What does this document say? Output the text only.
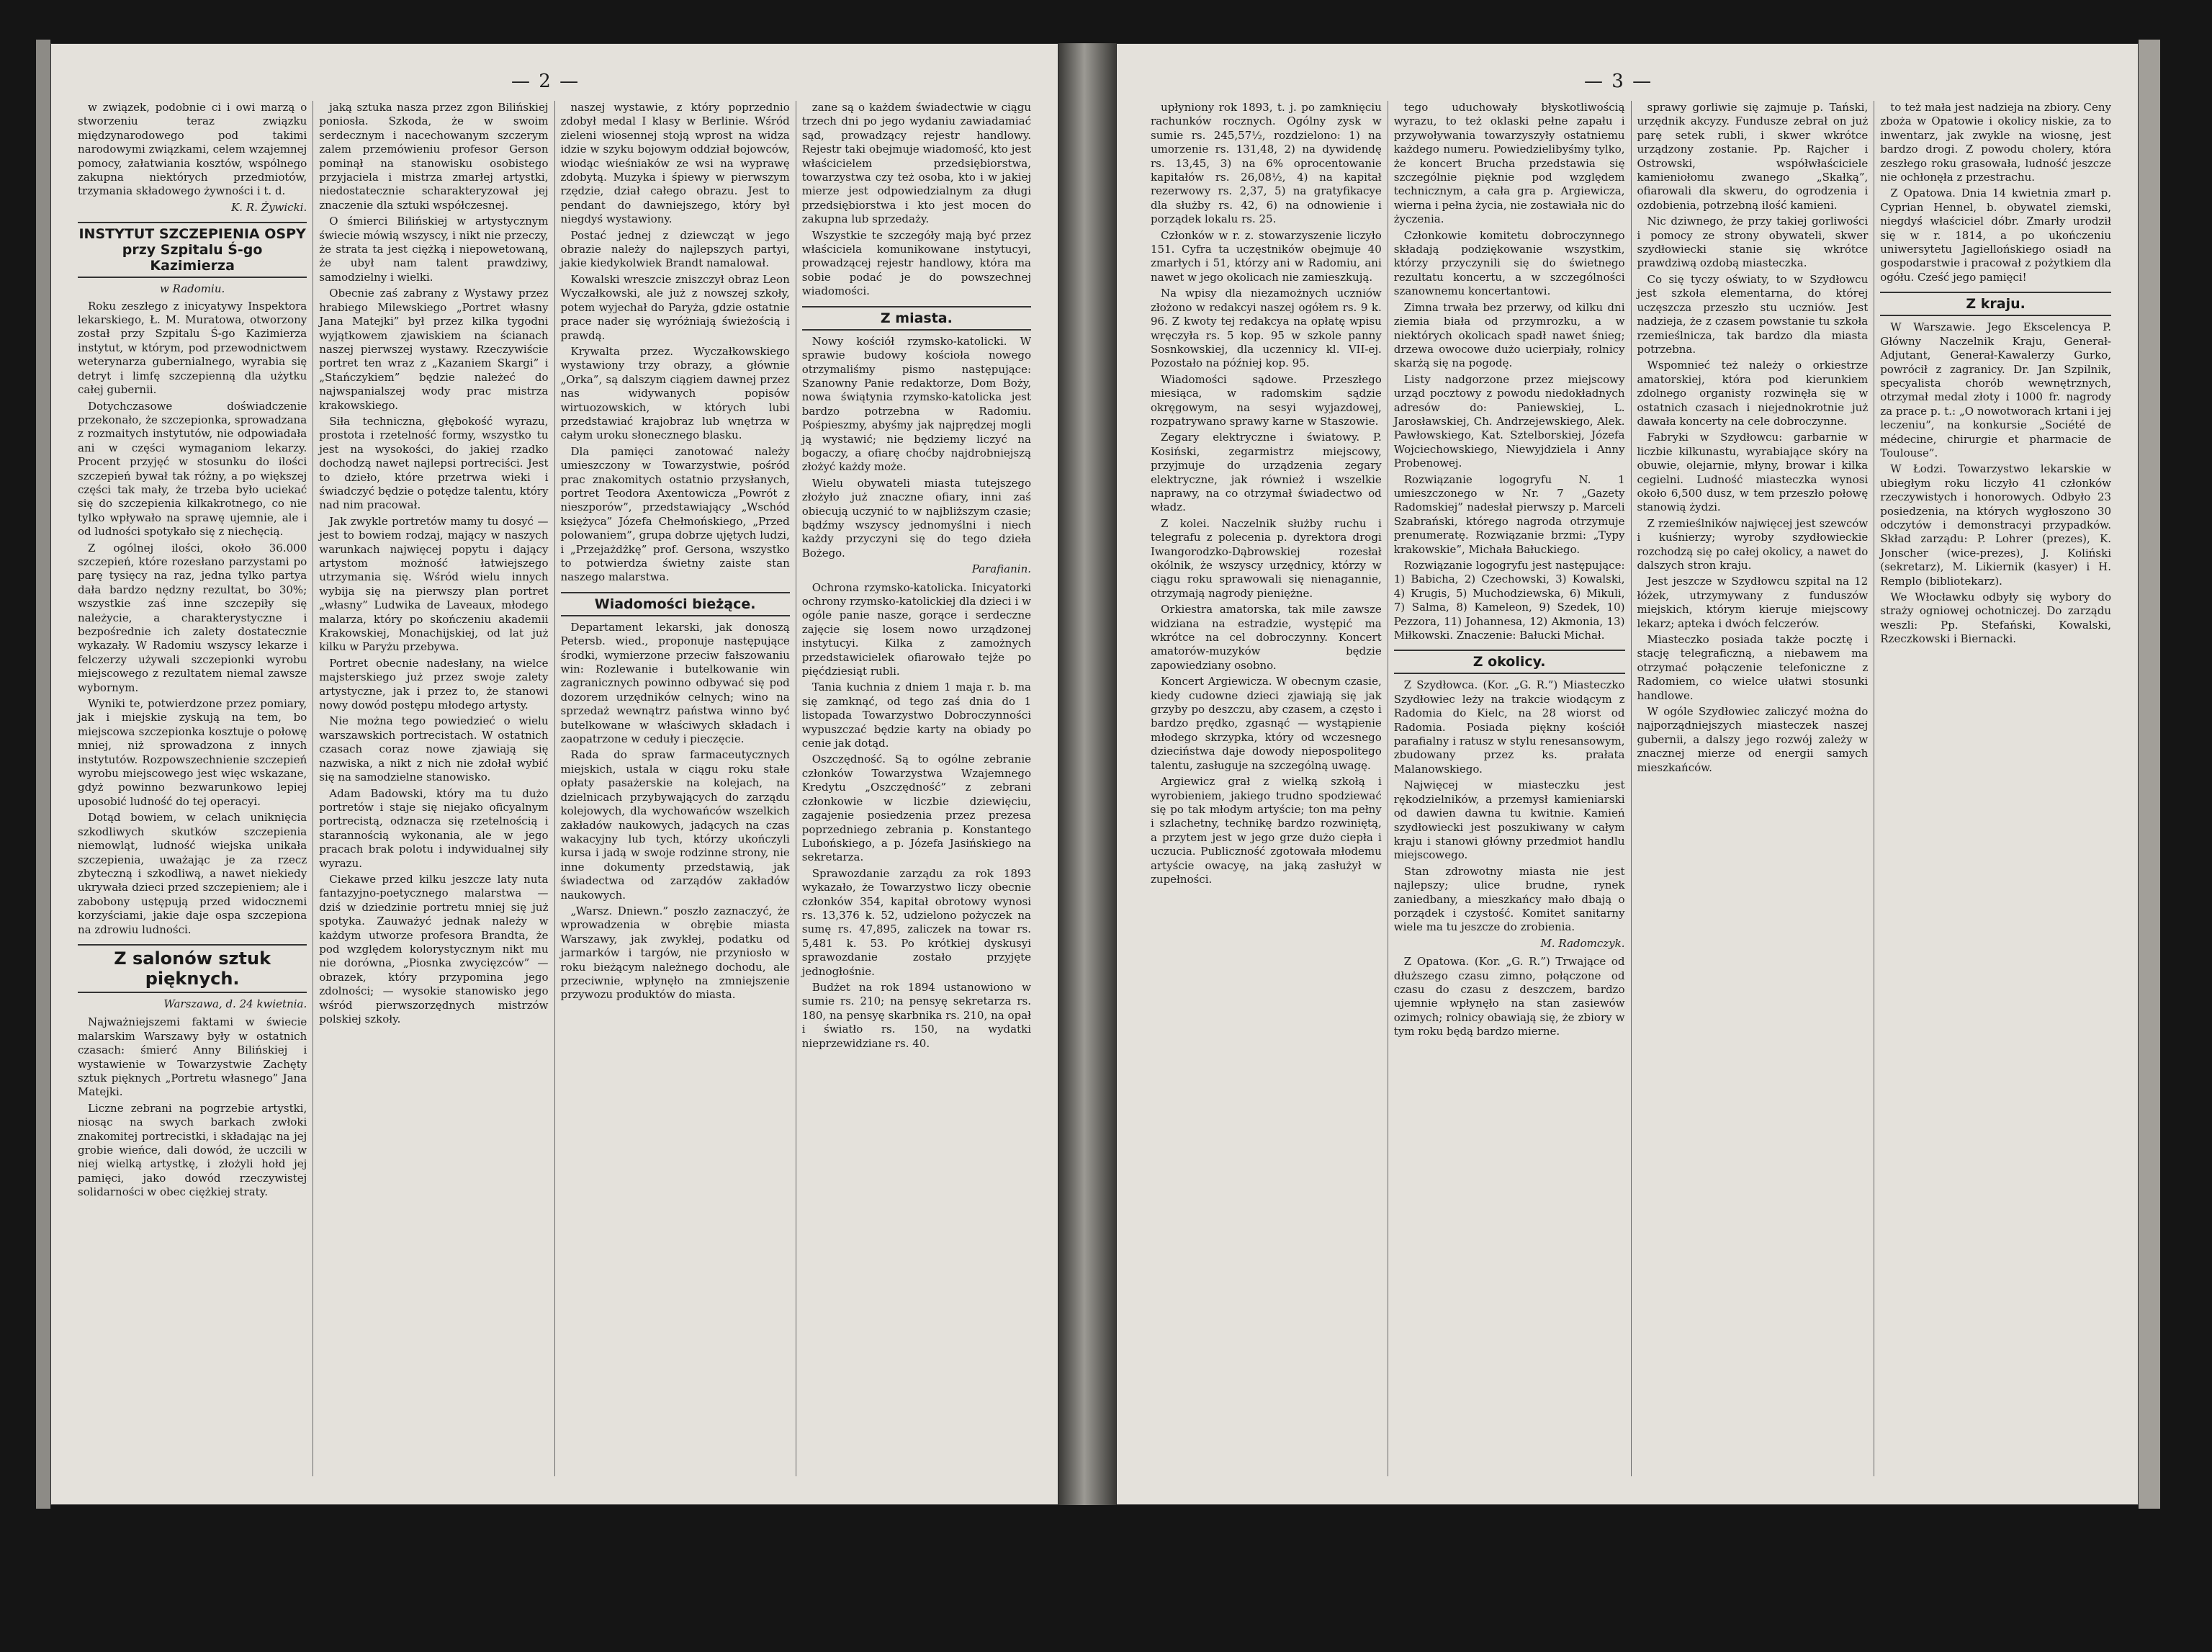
— 2 —

w związek, podobnie ci i owi marzą o stworzeniu teraz związku międzynarodowego pod takimi narodowymi związkami, celem wzajemnej pomocy, załatwiania kosztów, wspólnego zakupna niektórych przedmiotów, trzymania składowego żywności i t. d.

K. R. Żywicki.
INSTYTUT SZCZEPIENIA OSPY przy Szpitalu Ś-go Kazimierza
w Radomiu.

Roku zeszłego z inicyatywy Inspektora lekarskiego, Ł. M. Muratowa, otworzony został przy Szpitalu Ś-go Kazimierza instytut, w którym, pod przewodnictwem weterynarza gubernialnego, wyrabia się detryt i limfę szczepienną dla użytku całej gubernii.

Dotychczasowe doświadczenie przekonało, że szczepionka, sprowadzana z rozmaitych instytutów, nie odpowiadała ani w części wymaganiom lekarzy. Procent przyjęć w stosunku do ilości szczepień bywał tak różny, a po większej części tak mały, że trzeba było uciekać się do szczepienia kilkakrotnego, co nie tylko wpływało na sprawę ujemnie, ale i od ludności spotykało się z niechęcią.

Z ogólnej ilości, około 36.000 szczepień, które rozesłano parzystami po parę tysięcy na raz, jedna tylko partya dała bardzo nędzny rezultat, bo 30%; wszystkie zaś inne szczepiły się należycie, a charakterystyczne i bezpośrednie ich zalety dostatecznie wykazały. W Radomiu wszyscy lekarze i felczerzy używali szczepionki wyrobu miejscowego z rezultatem niemal zawsze wybornym.

Wyniki te, potwierdzone przez pomiary, jak i miejskie zyskują na tem, bo miejscowa szczepionka kosztuje o połowę mniej, niż sprowadzona z innych instytutów. Rozpowszechnienie szczepień wyrobu miejscowego jest więc wskazane, gdyż powinno bezwarunkowo lepiej uposobić ludność do tej operacyi.

Dotąd bowiem, w celach uniknięcia szkodliwych skutków szczepienia niemowląt, ludność wiejska unikała szczepienia, uważając je za rzecz zbyteczną i szkodliwą, a nawet niekiedy ukrywała dzieci przed szczepieniem; ale i zabobony ustępują przed widocznemi korzyściami, jakie daje ospa szczepiona na zdrowiu ludności.

Z salonów sztuk pięknych.
Warszawa, d. 24 kwietnia.

Najważniejszemi faktami w świecie malarskim Warszawy były w ostatnich czasach: śmierć Anny Bilińskiej i wystawienie w Towarzystwie Zachęty sztuk pięknych „Portretu własnego” Jana Matejki.

Liczne zebrani na pogrzebie artystki, niosąc na swych barkach zwłoki znakomitej portrecistki, i składając na jej grobie wieńce, dali dowód, że uczcili w niej wielką artystkę, i złożyli hołd jej pamięci, jako dowód rzeczywistej solidarności w obec ciężkiej straty.

jaką sztuka nasza przez zgon Bilińskiej poniosła. Szkoda, że w swoim serdecznym i nacechowanym szczerym zalem przemówieniu profesor Gerson pominął na stanowisku osobistego przyjaciela i mistrza zmarłej artystki, niedostatecznie scharakteryzował jej znaczenie dla sztuki współczesnej.

O śmierci Bilińskiej w artystycznym świecie mówią wszyscy, i nikt nie przeczy, że strata ta jest ciężką i niepowetowaną, że ubył nam talent prawdziwy, samodzielny i wielki.

Obecnie zaś zabrany z Wystawy przez hrabiego Milewskiego „Portret własny Jana Matejki” był przez kilka tygodni wyjątkowem zjawiskiem na ścianach naszej pierwszej wystawy. Rzeczywiście portret ten wraz z „Kazaniem Skargi” i „Stańczykiem” będzie należeć do najwspanialszej wody prac mistrza krakowskiego.

Siła techniczna, głębokość wyrazu, prostota i rzetelność formy, wszystko tu jest na wysokości, do jakiej rzadko dochodzą nawet najlepsi portreciści. Jest to dzieło, które przetrwa wieki i świadczyć będzie o potędze talentu, który nad nim pracował.

Jak zwykle portretów mamy tu dosyć — jest to bowiem rodzaj, mający w naszych warunkach najwięcej popytu i dający artystom możność łatwiejszego utrzymania się. Wśród wielu innych wybija się na pierwszy plan portret „własny” Ludwika de Laveaux, młodego malarza, który po skończeniu akademii Krakowskiej, Monachijskiej, od lat już kilku w Paryżu przebywa.

Portret obecnie nadesłany, na wielce majsterskiego już przez swoje zalety artystyczne, jak i przez to, że stanowi nowy dowód postępu młodego artysty.

Nie można tego powiedzieć o wielu warszawskich portrecistach. W ostatnich czasach coraz nowe zjawiają się nazwiska, a nikt z nich nie zdołał wybić się na samodzielne stanowisko.

Adam Badowski, który ma tu dużo portretów i staje się niejako oficyalnym portrecistą, odznacza się rzetelnością i starannością wykonania, ale w jego pracach brak polotu i indywidualnej siły wyrazu.

Ciekawe przed kilku jeszcze laty nuta fantazyjno-poetycznego malarstwa — dziś w dziedzinie portretu mniej się już spotyka. Zauważyć jednak należy w każdym utworze profesora Brandta, że pod względem kolorystycznym nikt mu nie dorówna, „Piosnka zwycięzców” — obrazek, który przypomina jego zdolności; — wysokie stanowisko jego wśród pierwszorzędnych mistrzów polskiej szkoły.

naszej wystawie, z który poprzednio zdobył medal I klasy w Berlinie. Wśród zieleni wiosennej stoją wprost na widza idzie w szyku bojowym oddział bojowców, wiodąc wieśniaków ze wsi na wyprawę zdobytą. Muzyka i śpiewy w pierwszym rzędzie, dział całego obrazu. Jest to pendant do dawniejszego, który był niegdyś wystawiony.

Postać jednej z dziewcząt w jego obrazie należy do najlepszych partyi, jakie kiedykolwiek Brandt namalował.

Kowalski wreszcie zniszczył obraz Leon Wyczałkowski, ale już z nowszej szkoły, potem wyjechał do Paryża, gdzie ostatnie prace nader się wyróżniają świeżością i prawdą.

Krywalta przez. Wyczałkowskiego wystawiony trzy obrazy, a głównie „Orka”, są dalszym ciągiem dawnej przez nas widywanych popisów wirtuozowskich, w których lubi przedstawiać krajobraz lub wnętrza w całym uroku słonecznego blasku.

Dla pamięci zanotować należy umieszczony w Towarzystwie, pośród prac znakomitych ostatnio przysłanych, portret Teodora Axentowicza „Powrót z nieszporów”, przedstawiający „Wschód księżyca” Józefa Chełmońskiego, „Przed polowaniem”, grupa dobrze ujętych ludzi, i „Przejażdżkę” prof. Gersona, wszystko to potwierdza świetny zaiste stan naszego malarstwa.

Wiadomości bieżące.

Departament lekarski, jak donoszą Petersb. wied., proponuje następujące środki, wymierzone przeciw fałszowaniu win: Rozlewanie i butelkowanie win zagranicznych powinno odbywać się pod dozorem urzędników celnych; wino na sprzedaż wewnątrz państwa winno być butelkowane w właściwych składach i zaopatrzone w ceduły i pieczęcie.

Rada do spraw farmaceutycznych miejskich, ustala w ciągu roku stałe opłaty pasażerskie na kolejach, na dzielnicach przybywających do zarządu kolejowych, dla wychowańców wszelkich zakładów naukowych, jadących na czas wakacyjny lub tych, którzy ukończyli kursa i jadą w swoje rodzinne strony, nie inne dokumenty przedstawią, jak świadectwa od zarządów zakładów naukowych.

„Warsz. Dniewn.” poszło zaznaczyć, że wprowadzenia w obrębie miasta Warszawy, jak zwykłej, podatku od jarmarków i targów, nie przyniosło w roku bieżącym należnego dochodu, ale przeciwnie, wpłynęło na zmniejszenie przywozu produktów do miasta.

zane są o każdem świadectwie w ciągu trzech dni po jego wydaniu zawiadamiać sąd, prowadzący rejestr handlowy. Rejestr taki obejmuje wiadomość, kto jest właścicielem przedsiębiorstwa, towarzystwa czy też osoba, kto i w jakiej mierze jest odpowiedzialnym za długi przedsiębiorstwa i kto jest mocen do zakupna lub sprzedaży.

Wszystkie te szczegóły mają być przez właściciela komunikowane instytucyi, prowadzącej rejestr handlowy, która ma sobie podać je do powszechnej wiadomości.

Z miasta.

Nowy kościół rzymsko-katolicki. W sprawie budowy kościoła nowego otrzymaliśmy pismo następujące: Szanowny Panie redaktorze, Dom Boży, nowa świątynia rzymsko-katolicka jest bardzo potrzebna w Radomiu. Pośpieszmy, abyśmy jak najprędzej mogli ją wystawić; nie będziemy liczyć na bogaczy, a ofiarę choćby najdrobniejszą złożyć każdy może.

Wielu obywateli miasta tutejszego złożyło już znaczne ofiary, inni zaś obiecują uczynić to w najbliższym czasie; bądźmy wszyscy jednomyślni i niech każdy przyczyni się do tego dzieła Bożego.

Parafianin.

Ochrona rzymsko-katolicka. Inicyatorki ochrony rzymsko-katolickiej dla dzieci i w ogóle panie nasze, gorące i serdeczne zajęcie się losem nowo urządzonej instytucyi. Kilka z zamożnych przedstawicielek ofiarowało tejże po pięćdziesiąt rubli.

Tania kuchnia z dniem 1 maja r. b. ma się zamknąć, od tego zaś dnia do 1 listopada Towarzystwo Dobroczynności wypuszczać będzie karty na obiady po cenie jak dotąd.

Oszczędność. Są to ogólne zebranie członków Towarzystwa Wzajemnego Kredytu „Oszczędność” z zebrani członkowie w liczbie dziewięciu, zagajenie posiedzenia przez prezesa poprzedniego zebrania p. Konstantego Lubońskiego, a p. Józefa Jasińskiego na sekretarza.

Sprawozdanie zarządu za rok 1893 wykazało, że Towarzystwo liczy obecnie członków 354, kapitał obrotowy wynosi rs. 13,376 k. 52, udzielono pożyczek na sumę rs. 47,895, zaliczek na towar rs. 5,481 k. 53. Po krótkiej dyskusyi sprawozdanie zostało przyjęte jednogłośnie.

Budżet na rok 1894 ustanowiono w sumie rs. 210; na pensyę sekretarza rs. 180, na pensyę skarbnika rs. 210, na opał i światło rs. 150, na wydatki nieprzewidziane rs. 40.

— 3 —

upłyniony rok 1893, t. j. po zamknięciu rachunków rocznych. Ogólny zysk w sumie rs. 245,57½, rozdzielono: 1) na umorzenie rs. 131,48, 2) na dywidendę rs. 13,45, 3) na 6% oprocentowanie kapitałów rs. 26,08½, 4) na kapitał rezerwowy rs. 2,37, 5) na gratyfikacye dla służby rs. 42, 6) na odnowienie i porządek lokalu rs. 25.

Członków w r. z. stowarzyszenie liczyło 151. Cyfra ta uczęstników obejmuje 40 zmarłych i 51, którzy ani w Radomiu, ani nawet w jego okolicach nie zamieszkują.

Na wpisy dla niezamożnych uczniów złożono w redakcyi naszej ogółem rs. 9 k. 96. Z kwoty tej redakcya na opłatę wpisu wręczyła rs. 5 kop. 95 w szkole panny Sosnkowskiej, dla uczennicy kl. VII-ej. Pozostało na później kop. 95.

Wiadomości sądowe. Przeszłego miesiąca, w radomskim sądzie okręgowym, na sesyi wyjazdowej, rozpatrywano sprawy karne w Staszowie.

Zegary elektryczne i światowy. P. Kosiński, zegarmistrz miejscowy, przyjmuje do urządzenia zegary elektryczne, jak również i wszelkie naprawy, na co otrzymał świadectwo od władz.

Z kolei. Naczelnik służby ruchu i telegrafu z polecenia p. dyrektora drogi Iwangorodzko-Dąbrowskiej rozesłał okólnik, że wszyscy urzędnicy, którzy w ciągu roku sprawowali się nienagannie, otrzymają nagrody pieniężne.

Orkiestra amatorska, tak mile zawsze widziana na estradzie, występić ma wkrótce na cel dobroczynny. Koncert amatorów-muzyków będzie zapowiedziany osobno.

Koncert Argiewicza. W obecnym czasie, kiedy cudowne dzieci zjawiają się jak grzyby po deszczu, aby czasem, a często i bardzo prędko, zgasnąć — wystąpienie młodego skrzypka, który od wczesnego dzieciństwa daje dowody niepospolitego talentu, zasługuje na szczególną uwagę.

Argiewicz grał z wielką szkołą i wyrobieniem, jakiego trudno spodziewać się po tak młodym artyście; ton ma pełny i szlachetny, technikę bardzo rozwiniętą, a przytem jest w jego grze dużo ciepła i uczucia. Publiczność zgotowała młodemu artyście owacyę, na jaką zasłużył w zupełności.

tego uduchowały błyskotliwością wyrazu, to też oklaski pełne zapału i przywoływania towarzyszyły ostatniemu każdego numeru. Powiedzielibyśmy tylko, że koncert Brucha przedstawia się szczególnie pięknie pod względem technicznym, a cała gra p. Argiewicza, wierna i pełna życia, nie zostawiała nic do życzenia.

Członkowie komitetu dobroczynnego składają podziękowanie wszystkim, którzy przyczynili się do świetnego rezultatu koncertu, a w szczególności szanownemu koncertantowi.

Zimna trwała bez przerwy, od kilku dni ziemia biała od przymrozku, a w niektórych okolicach spadł nawet śnieg; drzewa owocowe dużo ucierpiały, rolnicy skarżą się na pogodę.

Listy nadgorzone przez miejscowy urząd pocztowy z powodu niedokładnych adresów do: Paniewskiej, L. Jarosławskiej, Ch. Andrzejewskiego, Alek. Pawłowskiego, Kat. Sztelborskiej, Józefa Wojciechowskiego, Niewyjdziela i Anny Probenowej.

Rozwiązanie logogryfu N. 1 umieszczonego w Nr. 7 „Gazety Radomskiej” nadesłał pierwszy p. Marceli Szabrański, którego nagroda otrzymuje prenumeratę. Rozwiązanie brzmi: „Typy krakowskie”, Michała Bałuckiego.

Rozwiązanie logogryfu jest następujące: 1) Babicha, 2) Czechowski, 3) Kowalski, 4) Krugis, 5) Muchodziewska, 6) Mikuli, 7) Salma, 8) Kameleon, 9) Szedek, 10) Pezzora, 11) Johannesa, 12) Akmonia, 13) Miłkowski. Znaczenie: Bałucki Michał.

Z okolicy.

Z Szydłowca. (Kor. „G. R.”) Miasteczko Szydłowiec leży na trakcie wiodącym z Radomia do Kielc, na 28 wiorst od Radomia. Posiada piękny kościół parafialny i ratusz w stylu renesansowym, zbudowany przez ks. prałata Malanowskiego.

Najwięcej w miasteczku jest rękodzielników, a przemysł kamieniarski od dawien dawna tu kwitnie. Kamień szydłowiecki jest poszukiwany w całym kraju i stanowi główny przedmiot handlu miejscowego.

Stan zdrowotny miasta nie jest najlepszy; ulice brudne, rynek zaniedbany, a mieszkańcy mało dbają o porządek i czystość. Komitet sanitarny wiele ma tu jeszcze do zrobienia.

M. Radomczyk.

Z Opatowa. (Kor. „G. R.”) Trwające od dłuższego czasu zimno, połączone od czasu do czasu z deszczem, bardzo ujemnie wpłynęło na stan zasiewów ozimych; rolnicy obawiają się, że zbiory w tym roku będą bardzo mierne.

sprawy gorliwie się zajmuje p. Tański, urzędnik akcyzy. Fundusze zebrał on już parę setek rubli, i skwer wkrótce urządzony zostanie. Pp. Rajcher i Ostrowski, współwłaściciele kamieniołomu zwanego „Skałką”, ofiarowali dla skweru, do ogrodzenia i ozdobienia, potrzebną ilość kamieni.

Nic dziwnego, że przy takiej gorliwości i pomocy ze strony obywateli, skwer szydłowiecki stanie się wkrótce prawdziwą ozdobą miasteczka.

Co się tyczy oświaty, to w Szydłowcu jest szkoła elementarna, do której uczęszcza przeszło stu uczniów. Jest nadzieja, że z czasem powstanie tu szkoła rzemieślnicza, tak bardzo dla miasta potrzebna.

Wspomnieć też należy o orkiestrze amatorskiej, która pod kierunkiem zdolnego organisty rozwinęła się w ostatnich czasach i niejednokrotnie już dawała koncerty na cele dobroczynne.

Fabryki w Szydłowcu: garbarnie w liczbie kilkunastu, wyrabiające skóry na obuwie, olejarnie, młyny, browar i kilka cegielni. Ludność miasteczka wynosi około 6,500 dusz, w tem przeszło połowę stanowią żydzi.

Z rzemieślników najwięcej jest szewców i kuśnierzy; wyroby szydłowieckie rozchodzą się po całej okolicy, a nawet do dalszych stron kraju.

Jest jeszcze w Szydłowcu szpital na 12 łóżek, utrzymywany z funduszów miejskich, którym kieruje miejscowy lekarz; apteka i dwóch felczerów.

Miasteczko posiada także pocztę i stację telegraficzną, a niebawem ma otrzymać połączenie telefoniczne z Radomiem, co wielce ułatwi stosunki handlowe.

W ogóle Szydłowiec zaliczyć można do najporządniejszych miasteczek naszej gubernii, a dalszy jego rozwój zależy w znacznej mierze od energii samych mieszkańców.

to też mała jest nadzieja na zbiory. Ceny zboża w Opatowie i okolicy niskie, za to inwentarz, jak zwykle na wiosnę, jest bardzo drogi. Z powodu cholery, która zeszłego roku grasowała, ludność jeszcze nie ochłonęła z przestrachu.

Z Opatowa. Dnia 14 kwietnia zmarł p. Cyprian Hennel, b. obywatel ziemski, niegdyś właściciel dóbr. Zmarły urodził się w r. 1814, a po ukończeniu uniwersytetu Jagiellońskiego osiadł na gospodarstwie i pracował z pożytkiem dla ogółu. Cześć jego pamięci!

Z kraju.

W Warszawie. Jego Ekscelencya P. Główny Naczelnik Kraju, Generał-Adjutant, Generał-Kawalerzy Gurko, powrócił z zagranicy. Dr. Jan Szpilnik, specyalista chorób wewnętrznych, otrzymał medal złoty i 1000 fr. nagrody za prace p. t.: „O nowotworach krtani i jej leczeniu”, na konkursie „Société de médecine, chirurgie et pharmacie de Toulouse”.

W Łodzi. Towarzystwo lekarskie w ubiegłym roku liczyło 41 członków rzeczywistych i honorowych. Odbyło 23 posiedzenia, na których wygłoszono 30 odczytów i demonstracyi przypadków. Skład zarządu: P. Lohrer (prezes), K. Jonscher (wice-prezes), J. Koliński (sekretarz), M. Likiernik (kasyer) i H. Remplo (bibliotekarz).

We Włocławku odbyły się wybory do straży ogniowej ochotniczej. Do zarządu weszli: Pp. Stefański, Kowalski, Rzeczkowski i Biernacki.
